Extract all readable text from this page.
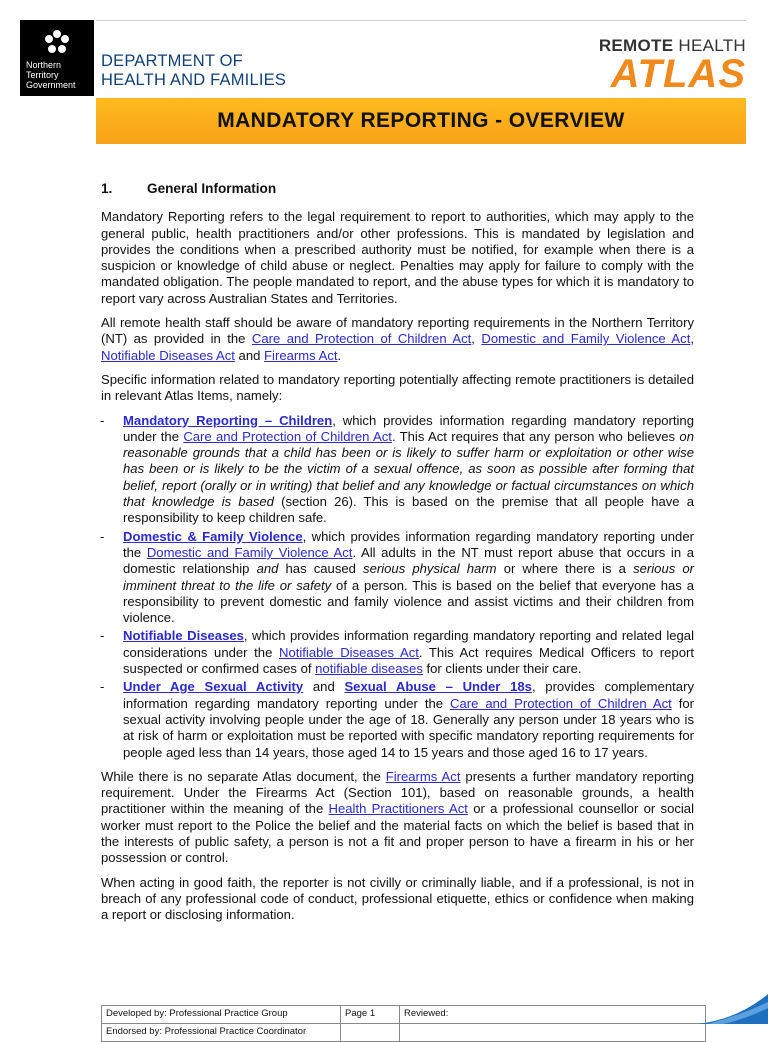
Northern
Territory
Government
DEPARTMENT OF
HEALTH AND FAMILIES
REMOTE HEALTH
ATLAS
MANDATORY REPORTING - OVERVIEW
1.	General Information

Mandatory Reporting refers to the legal requirement to report to authorities, which may apply to the general public, health practitioners and/or other professions. This is mandated by legislation and provides the conditions when a prescribed authority must be notified, for example when there is a suspicion or knowledge of child abuse or neglect. Penalties may apply for failure to comply with the mandated obligation. The people mandated to report, and the abuse types for which it is mandatory to report vary across Australian States and Territories.

All remote health staff should be aware of mandatory reporting requirements in the Northern Territory (NT) as provided in the Care and Protection of Children Act, Domestic and Family Violence Act, Notifiable Diseases Act and Firearms Act.

Specific information related to mandatory reporting potentially affecting remote practitioners is detailed in relevant Atlas Items, namely:

- Mandatory Reporting – Children, which provides information regarding mandatory reporting under the Care and Protection of Children Act. This Act requires that any person who believes on reasonable grounds that a child has been or is likely to suffer harm or exploitation or other wise has been or is likely to be the victim of a sexual offence, as soon as possible after forming that belief, report (orally or in writing) that belief and any knowledge or factual circumstances on which that knowledge is based (section 26). This is based on the premise that all people have a responsibility to keep children safe.
- Domestic & Family Violence, which provides information regarding mandatory reporting under the Domestic and Family Violence Act. All adults in the NT must report abuse that occurs in a domestic relationship and has caused serious physical harm or where there is a serious or imminent threat to the life or safety of a person. This is based on the belief that everyone has a responsibility to prevent domestic and family violence and assist victims and their children from violence.
- Notifiable Diseases, which provides information regarding mandatory reporting and related legal considerations under the Notifiable Diseases Act. This Act requires Medical Officers to report suspected or confirmed cases of notifiable diseases for clients under their care.
- Under Age Sexual Activity and Sexual Abuse – Under 18s, provides complementary information regarding mandatory reporting under the Care and Protection of Children Act for sexual activity involving people under the age of 18. Generally any person under 18 years who is at risk of harm or exploitation must be reported with specific mandatory reporting requirements for people aged less than 14 years, those aged 14 to 15 years and those aged 16 to 17 years.

While there is no separate Atlas document, the Firearms Act presents a further mandatory reporting requirement. Under the Firearms Act (Section 101), based on reasonable grounds, a health practitioner within the meaning of the Health Practitioners Act or a professional counsellor or social worker must report to the Police the belief and the material facts on which the belief is based that in the interests of public safety, a person is not a fit and proper person to have a firearm in his or her possession or control.

When acting in good faith, the reporter is not civilly or criminally liable, and if a professional, is not in breach of any professional code of conduct, professional etiquette, ethics or confidence when making a report or disclosing information.

Developed by: Professional Practice Group	Page 1	Reviewed:
Endorsed by: Professional Practice Coordinator		
